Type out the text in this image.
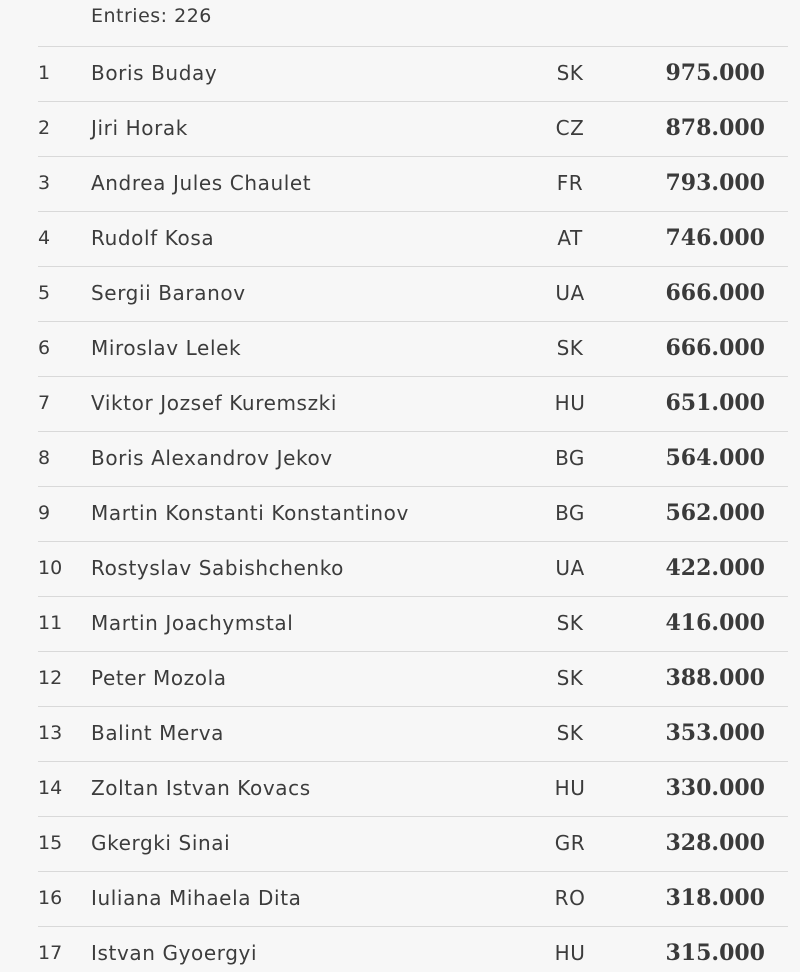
Entries: 226
1	Boris Buday	SK	975.000
2	Jiri Horak	CZ	878.000
3	Andrea Jules Chaulet	FR	793.000
4	Rudolf Kosa	AT	746.000
5	Sergii Baranov	UA	666.000
6	Miroslav Lelek	SK	666.000
7	Viktor Jozsef Kuremszki	HU	651.000
8	Boris Alexandrov Jekov	BG	564.000
9	Martin Konstanti Konstantinov	BG	562.000
10	Rostyslav Sabishchenko	UA	422.000
11	Martin Joachymstal	SK	416.000
12	Peter Mozola	SK	388.000
13	Balint Merva	SK	353.000
14	Zoltan Istvan Kovacs	HU	330.000
15	Gkergki Sinai	GR	328.000
16	Iuliana Mihaela Dita	RO	318.000
17	Istvan Gyoergyi	HU	315.000
